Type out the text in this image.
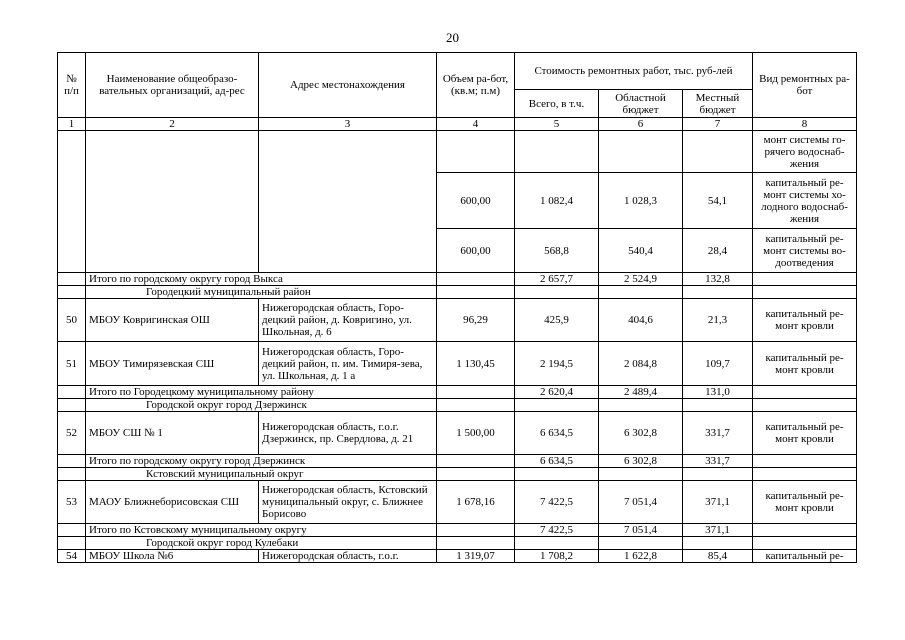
20
№ п/п	Наименование общеобразо-вательных организаций, ад-рес	Адрес местонахождения	Объем ра-бот, (кв.м; п.м)	Стоимость ремонтных работ, тыс. руб-лей			Вид ремонтных ра-бот
				Всего, в т.ч.	Областной бюджет	Местный бюджет	
1	2	3	4	5	6	7	8
							монт системы го-рячего водоснаб-жения
			600,00	1 082,4	1 028,3	54,1	капитальный ре-монт системы хо-лодного водоснаб-жения
			600,00	568,8	540,4	28,4	капитальный ре-монт системы во-доотведения
	Итого по городскому округу город Выкса			2 657,7	2 524,9	132,8	
	Городецкий муниципальный район						
50	МБОУ Ковригинская ОШ	Нижегородская область, Горо-децкий район, д. Ковригино, ул. Школьная, д. 6	96,29	425,9	404,6	21,3	капитальный ре-монт кровли
51	МБОУ Тимирязевская СШ	Нижегородская область, Горо-децкий район, п. им. Тимиря-зева, ул. Школьная, д. 1 а	1 130,45	2 194,5	2 084,8	109,7	капитальный ре-монт кровли
	Итого по Городецкому муниципальному району			2 620,4	2 489,4	131,0	
	Городской округ город Дзержинск						
52	МБОУ СШ № 1	Нижегородская область, г.о.г. Дзержинск, пр. Свердлова, д. 21	1 500,00	6 634,5	6 302,8	331,7	капитальный ре-монт кровли
	Итого по городскому округу город Дзержинск			6 634,5	6 302,8	331,7	
	Кстовский муниципальный округ						
53	МАОУ Ближнеборисовская СШ	Нижегородская область, Кстовский муниципальный округ, с. Ближнее Борисово	1 678,16	7 422,5	7 051,4	371,1	капитальный ре-монт кровли
	Итого по Кстовскому муниципальному округу			7 422,5	7 051,4	371,1	
	Городской округ город Кулебаки						
54	МБОУ Школа №6	Нижегородская область, г.о.г.	1 319,07	1 708,2	1 622,8	85,4	капитальный ре-
